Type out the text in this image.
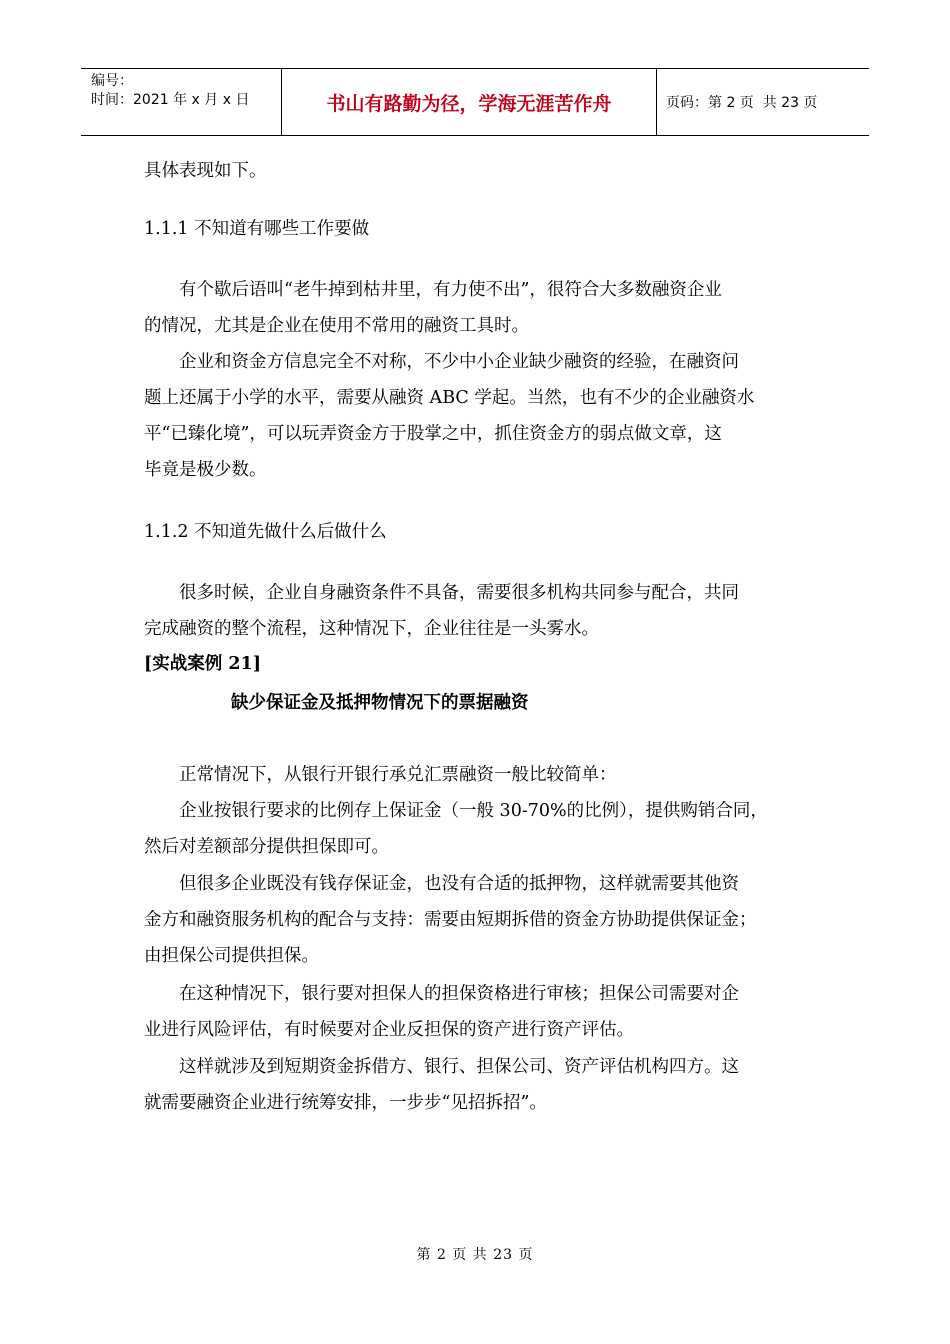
编号：
时间：2021 年 x 月 x 日	书山有路勤为径，学海无涯苦作舟	页码：第 2 页  共 23 页

具体表现如下。

1.1.1 不知道有哪些工作要做

有个歇后语叫“老牛掉到枯井里，有力使不出”，很符合大多数融资企业
的情况，尤其是企业在使用不常用的融资工具时。

企业和资金方信息完全不对称，不少中小企业缺少融资的经验，在融资问
题上还属于小学的水平，需要从融资 ABC 学起。当然，也有不少的企业融资水
平“已臻化境”，可以玩弄资金方于股掌之中，抓住资金方的弱点做文章，这
毕竟是极少数。

1.1.2 不知道先做什么后做什么

很多时候，企业自身融资条件不具备，需要很多机构共同参与配合，共同
完成融资的整个流程，这种情况下，企业往往是一头雾水。

[实战案例 21]

缺少保证金及抵押物情况下的票据融资

正常情况下，从银行开银行承兑汇票融资一般比较简单：

企业按银行要求的比例存上保证金（一般 30-70%的比例），提供购销合同，
然后对差额部分提供担保即可。

但很多企业既没有钱存保证金，也没有合适的抵押物，这样就需要其他资
金方和融资服务机构的配合与支持：需要由短期拆借的资金方协助提供保证金；
由担保公司提供担保。

在这种情况下，银行要对担保人的担保资格进行审核；担保公司需要对企
业进行风险评估，有时候要对企业反担保的资产进行资产评估。

这样就涉及到短期资金拆借方、银行、担保公司、资产评估机构四方。这
就需要融资企业进行统筹安排，一步步“见招拆招”。

第 2 页 共 23 页
